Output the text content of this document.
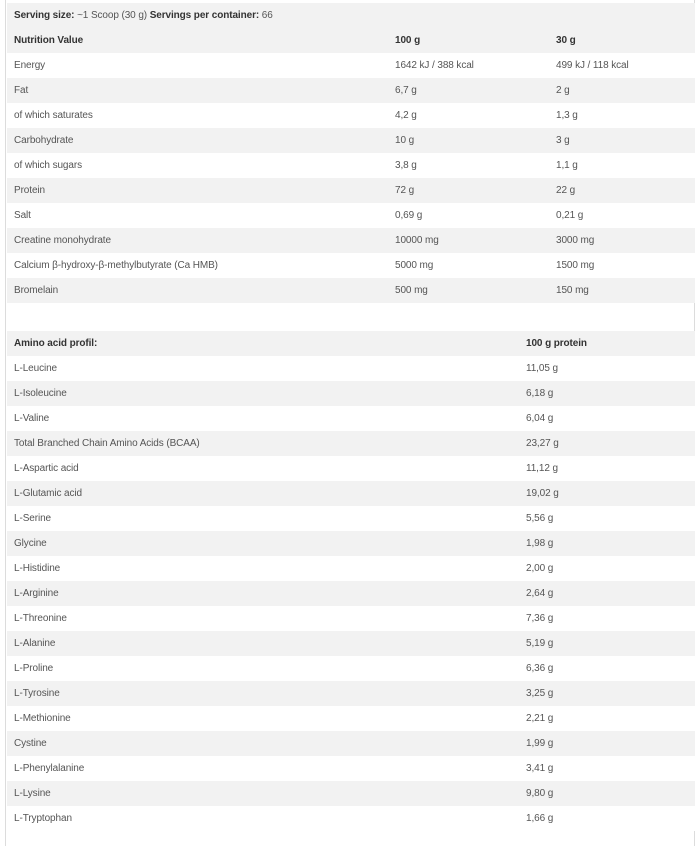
Serving size: ~1 Scoop (30 g) Servings per container: 66
Nutrition Value	100 g	30 g
Energy	1642 kJ / 388 kcal	499 kJ / 118 kcal
Fat	6,7 g	2 g
of which saturates	4,2 g	1,3 g
Carbohydrate	10 g	3 g
of which sugars	3,8 g	1,1 g
Protein	72 g	22 g
Salt	0,69 g	0,21 g
Creatine monohydrate	10000 mg	3000 mg
Calcium β-hydroxy-β-methylbutyrate (Ca HMB)	5000 mg	1500 mg
Bromelain	500 mg	150 mg
Amino acid profil:	100 g protein
L-Leucine	11,05 g
L-Isoleucine	6,18 g
L-Valine	6,04 g
Total Branched Chain Amino Acids (BCAA)	23,27 g
L-Aspartic acid	11,12 g
L-Glutamic acid	19,02 g
L-Serine	5,56 g
Glycine	1,98 g
L-Histidine	2,00 g
L-Arginine	2,64 g
L-Threonine	7,36 g
L-Alanine	5,19 g
L-Proline	6,36 g
L-Tyrosine	3,25 g
L-Methionine	2,21 g
Cystine	1,99 g
L-Phenylalanine	3,41 g
L-Lysine	9,80 g
L-Tryptophan	1,66 g
